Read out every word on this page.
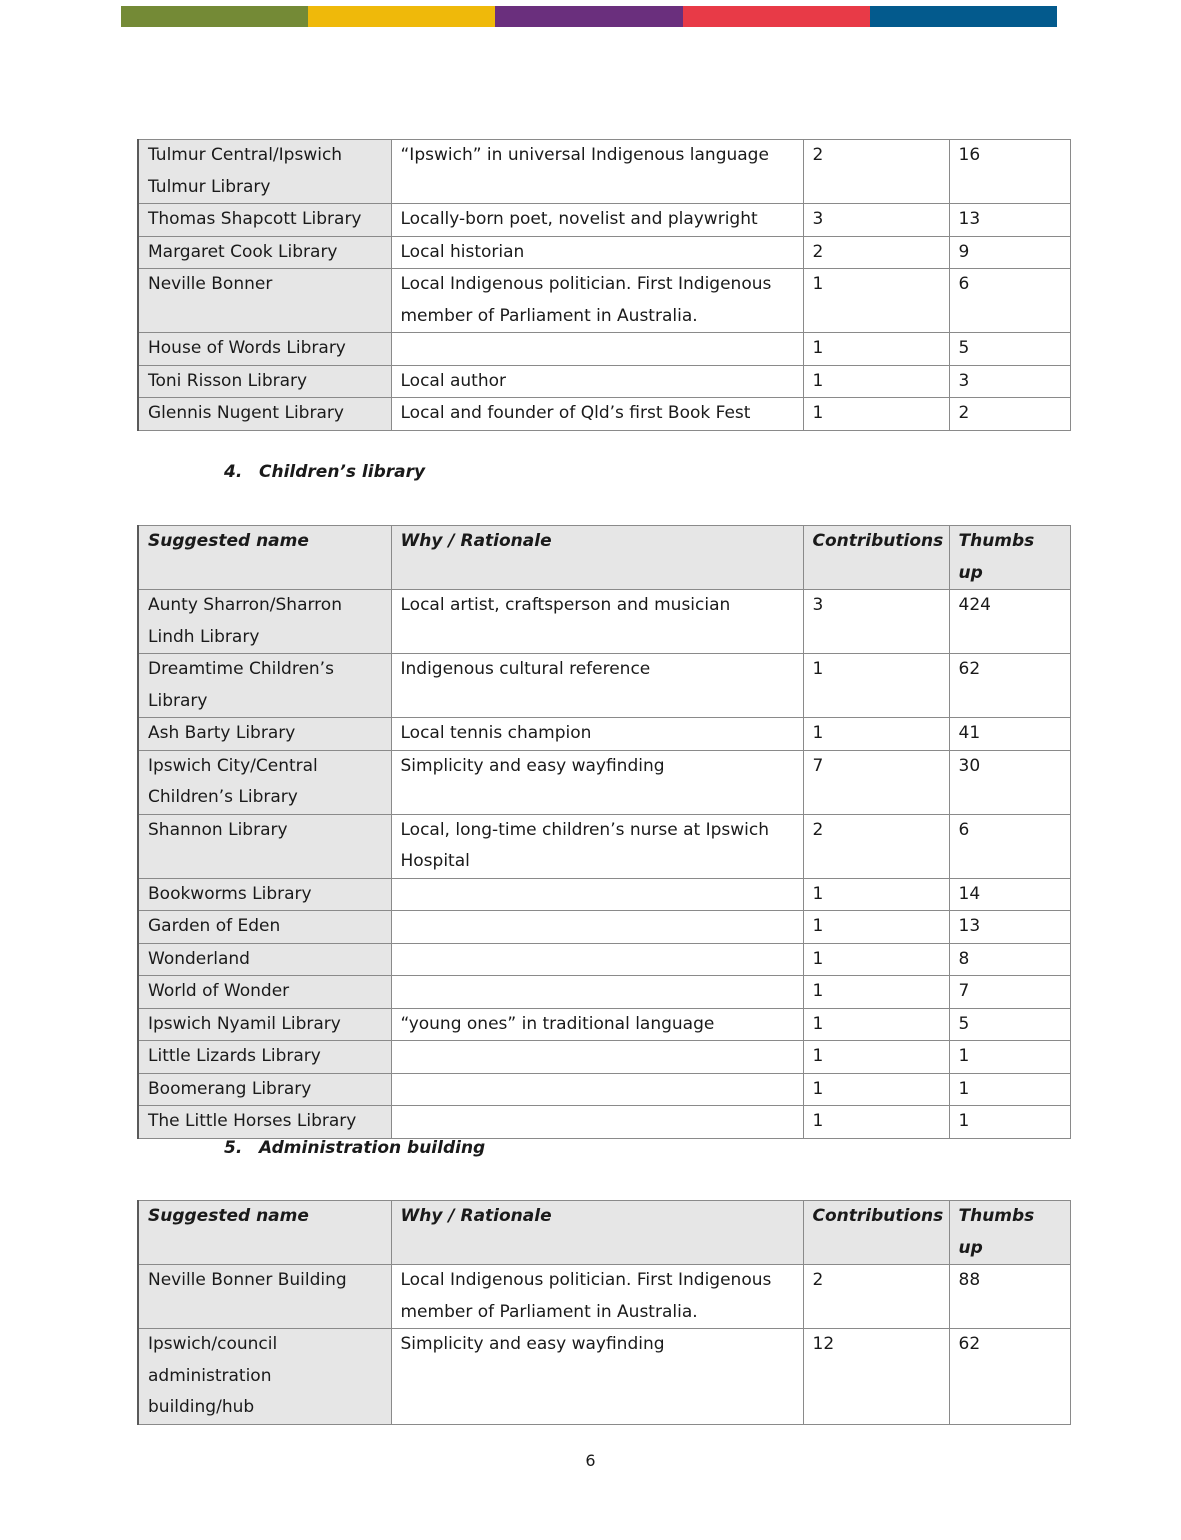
Tulmur Central/Ipswich Tulmur Library	“Ipswich” in universal Indigenous language	2	16
Thomas Shapcott Library	Locally-born poet, novelist and playwright	3	13
Margaret Cook Library	Local historian	2	9
Neville Bonner	Local Indigenous politician. First Indigenous member of Parliament in Australia.	1	6
House of Words Library		1	5
Toni Risson Library	Local author	1	3
Glennis Nugent Library	Local and founder of Qld’s first Book Fest	1	2
4. Children’s library
Suggested name	Why / Rationale	Contributions	Thumbs up
Aunty Sharron/Sharron Lindh Library	Local artist, craftsperson and musician	3	424
Dreamtime Children’s Library	Indigenous cultural reference	1	62
Ash Barty Library	Local tennis champion	1	41
Ipswich City/Central Children’s Library	Simplicity and easy wayfinding	7	30
Shannon Library	Local, long-time children’s nurse at Ipswich Hospital	2	6
Bookworms Library		1	14
Garden of Eden		1	13
Wonderland		1	8
World of Wonder		1	7
Ipswich Nyamil Library	“young ones” in traditional language	1	5
Little Lizards Library		1	1
Boomerang Library		1	1
The Little Horses Library		1	1
5. Administration building
Suggested name	Why / Rationale	Contributions	Thumbs up
Neville Bonner Building	Local Indigenous politician. First Indigenous member of Parliament in Australia.	2	88
Ipswich/council administration building/hub	Simplicity and easy wayfinding	12	62
6
